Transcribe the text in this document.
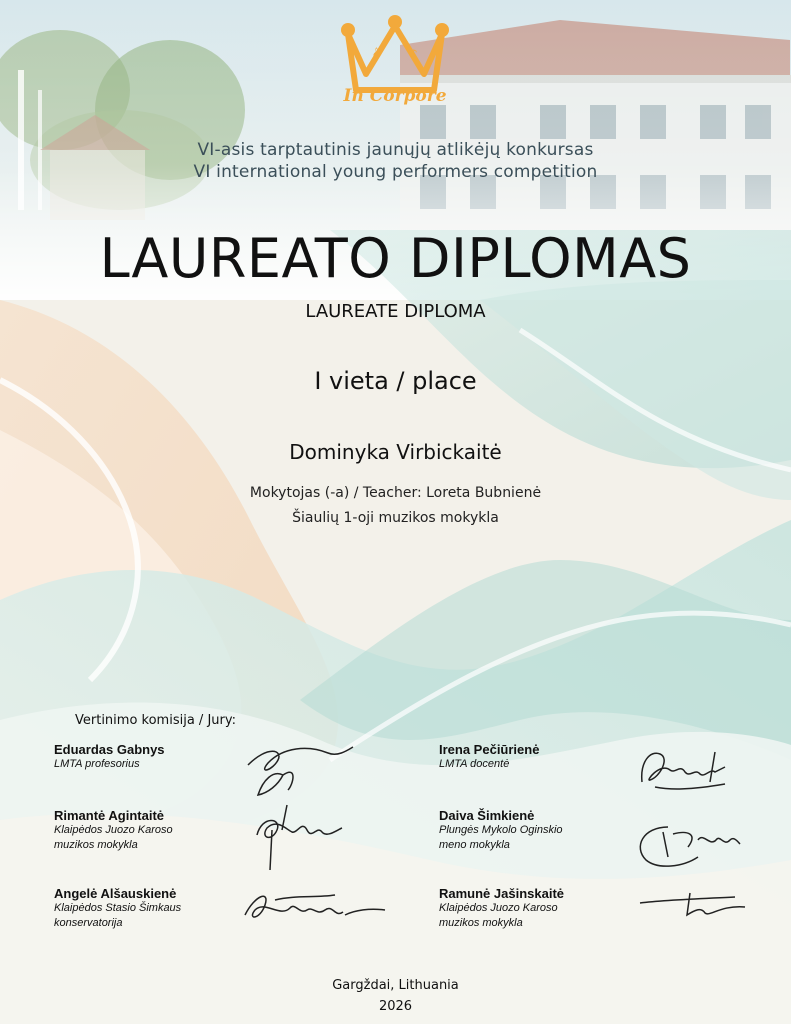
𝄞	♪
In Corpore
VI-asis tarptautinis jaunųjų atlikėjų konkursas
VI international young performers competition
LAUREATO DIPLOMAS
LAUREATE DIPLOMA
I vieta / place
Dominyka Virbickaitė
Mokytojas (-a) / Teacher: Loreta Bubnienė
Šiaulių 1-oji muzikos mokykla
Vertinimo komisija / Jury:
Eduardas Gabnys
LMTA profesorius
Rimantė Agintaitė
Klaipėdos Juozo Karoso
muzikos mokykla
Angelė Alšauskienė
Klaipėdos Stasio Šimkaus
konservatorija
Irena Pečiūrienė
LMTA docentė
Daiva Šimkienė
Plungės Mykolo Oginskio
meno mokykla
Ramunė Jašinskaitė
Klaipėdos Juozo Karoso
muzikos mokykla
Gargždai, Lithuania
2026
